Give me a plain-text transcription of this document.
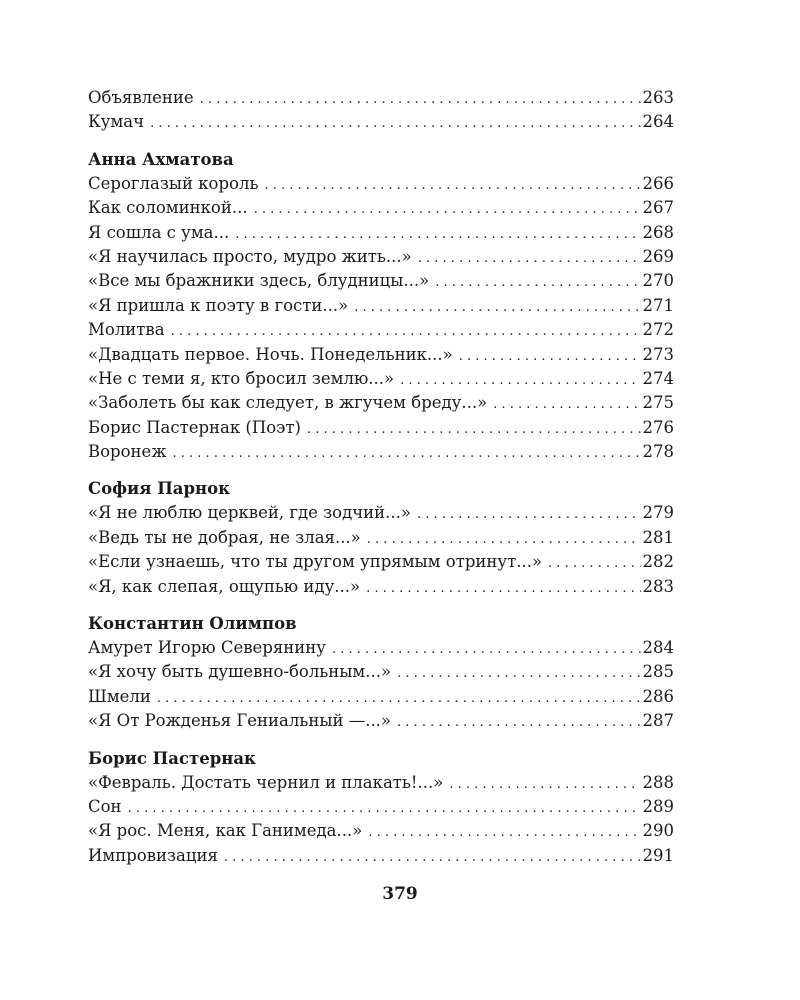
Объявление . . .	263
Кумач . . .	264
Анна Ахматова
Сероглазый король . . .	266
Как соломинкой... . . .	267
Я сошла с ума... . . .	268
«Я научилась просто, мудро жить...» . . .	269
«Все мы бражники здесь, блудницы...» . . .	270
«Я пришла к поэту в гости...» . . .	271
Молитва . . .	272
«Двадцать первое. Ночь. Понедельник...» . . .	273
«Не с теми я, кто бросил землю...» . . .	274
«Заболеть бы как следует, в жгучем бреду...» . . .	275
Борис Пастернак (Поэт) . . .	276
Воронеж . . .	278
София Парнок
«Я не люблю церквей, где зодчий...» . . .	279
«Ведь ты не добрая, не злая...» . . .	281
«Если узнаешь, что ты другом упрямым отринут...» . . .	282
«Я, как слепая, ощупью иду...» . . .	283
Константин Олимпов
Амурет Игорю Северянину . . .	284
«Я хочу быть душевно-больным...» . . .	285
Шмели . . .	286
«Я От Рожденья Гениальный —...» . . .	287
Борис Пастернак
«Февраль. Достать чернил и плакать!...» . . .	288
Сон . . .	289
«Я рос. Меня, как Ганимеда...» . . .	290
Импровизация . . .	291
379
